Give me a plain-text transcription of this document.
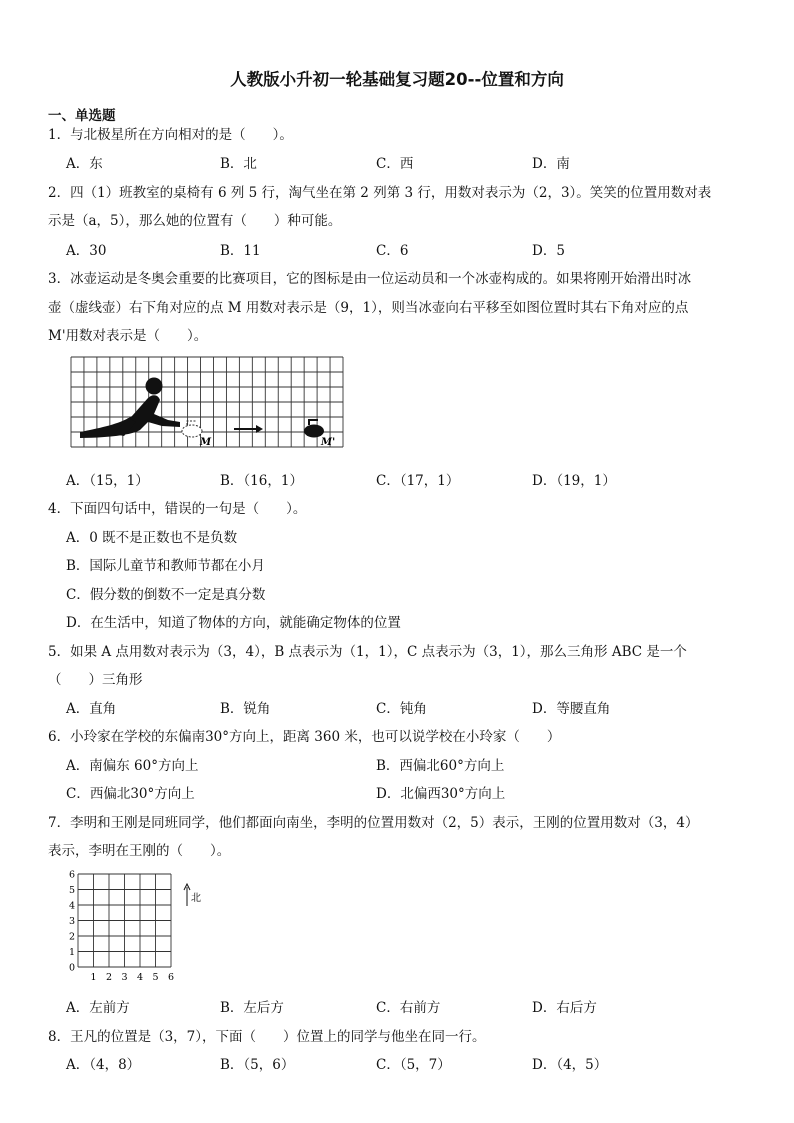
人教版小升初一轮基础复习题20--位置和方向
一、单选题
1．与北极星所在方向相对的是（　　）。
A．东	B．北	C．西	D．南
2．四（1）班教室的桌椅有 6 列 5 行，淘气坐在第 2 列第 3 行，用数对表示为（2，3）。笑笑的位置用数对表
示是（a，5），那么她的位置有（　　）种可能。
A．30	B．11	C．6	D．5
3．冰壶运动是冬奥会重要的比赛项目，它的图标是由一位运动员和一个冰壶构成的。如果将刚开始滑出时冰
壶（虚线壶）右下角对应的点 M 用数对表示是（9，1），则当冰壶向右平移至如图位置时其右下角对应的点
M'用数对表示是（　　）。
M	M'
A．（15，1）	B．（16，1）	C．（17，1）	D．（19，1）
4．下面四句话中，错误的一句是（　　）。
A．0 既不是正数也不是负数
B．国际儿童节和教师节都在小月
C．假分数的倒数不一定是真分数
D．在生活中，知道了物体的方向，就能确定物体的位置
5．如果 A 点用数对表示为（3，4），B 点表示为（1，1），C 点表示为（3，1），那么三角形 ABC 是一个
（　　）三角形
A．直角	B．锐角	C．钝角	D．等腰直角
6．小玲家在学校的东偏南30°方向上，距离 360 米，也可以说学校在小玲家（　　）
A．南偏东 60°方向上	B．西偏北60°方向上
C．西偏北30°方向上	D．北偏西30°方向上
7．李明和王刚是同班同学，他们都面向南坐，李明的位置用数对（2，5）表示，王刚的位置用数对（3，4）
表示，李明在王刚的（　　）。
1 2 3 4 5 6
0
1
2
3
4
5
6
北
A．左前方	B．左后方	C．右前方	D．右后方
8．王凡的位置是（3，7），下面（　　）位置上的同学与他坐在同一行。
A．（4，8）	B．（5，6）	C．（5，7）	D．（4，5）
